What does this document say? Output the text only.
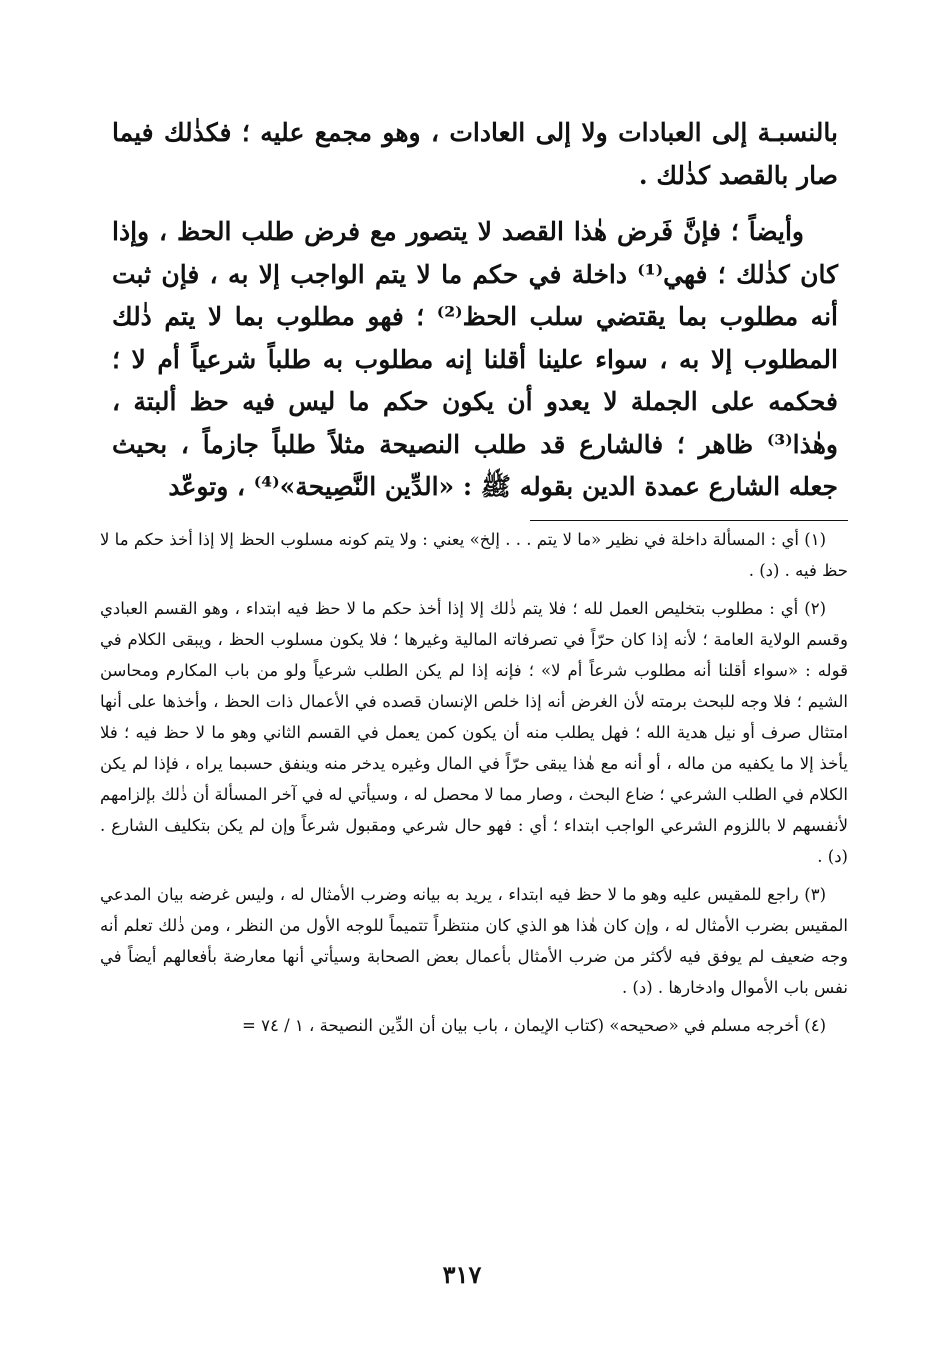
بالنسبـة إلى العبادات ولا إلى العادات ، وهو مجمع عليه ؛ فكذٰلك فيما صار بالقصد كذٰلك .

وأيضاً ؛ فإنَّ فَرض هٰذا القصد لا يتصور مع فرض طلب الحظ ، وإذا كان كذٰلك ؛ فهي⁽¹⁾ داخلة في حكم ما لا يتم الواجب إلا به ، فإن ثبت أنه مطلوب بما يقتضي سلب الحظ⁽²⁾ ؛ فهو مطلوب بما لا يتم ذٰلك المطلوب إلا به ، سواء علينا أقلنا إنه مطلوب به طلباً شرعياً أم لا ؛ فحكمه على الجملة لا يعدو أن يكون حكم ما ليس فيه حظ ألبتة ، وهٰذا⁽³⁾ ظاهر ؛ فالشارع قد طلب النصيحة مثلاً طلباً جازماً ، بحيث جعله الشارع عمدة الدين بقوله ﷺ : «الدِّين النَّصِيحة»⁽⁴⁾ ، وتوعّد

(١) أي : المسألة داخلة في نظير «ما لا يتم . . . إلخ» يعني : ولا يتم كونه مسلوب الحظ إلا إذا أخذ حكم ما لا حظ فيه . (د) .

(٢) أي : مطلوب بتخليص العمل لله ؛ فلا يتم ذٰلك إلا إذا أخذ حكم ما لا حظ فيه ابتداء ، وهو القسم العبادي وقسم الولاية العامة ؛ لأنه إذا كان حرّاً في تصرفاته المالية وغيرها ؛ فلا يكون مسلوب الحظ ، ويبقى الكلام في قوله : «سواء أقلنا أنه مطلوب شرعاً أم لا» ؛ فإنه إذا لم يكن الطلب شرعياً ولو من باب المكارم ومحاسن الشيم ؛ فلا وجه للبحث برمته لأن الغرض أنه إذا خلص الإنسان قصده في الأعمال ذات الحظ ، وأخذها على أنها امتثال صرف أو نيل هدية الله ؛ فهل يطلب منه أن يكون كمن يعمل في القسم الثاني وهو ما لا حظ فيه ؛ فلا يأخذ إلا ما يكفيه من ماله ، أو أنه مع هٰذا يبقى حرّاً في المال وغيره يدخر منه وينفق حسبما يراه ، فإذا لم يكن الكلام في الطلب الشرعي ؛ ضاع البحث ، وصار مما لا محصل له ، وسيأتي له في آخر المسألة أن ذٰلك بإلزامهم لأنفسهم لا باللزوم الشرعي الواجب ابتداء ؛ أي : فهو حال شرعي ومقبول شرعاً وإن لم يكن بتكليف الشارع . (د) .

(٣) راجع للمقيس عليه وهو ما لا حظ فيه ابتداء ، يريد به بيانه وضرب الأمثال له ، وليس غرضه بيان المدعي المقيس بضرب الأمثال له ، وإن كان هٰذا هو الذي كان منتظراً تتميماً للوجه الأول من النظر ، ومن ذٰلك تعلم أنه وجه ضعيف لم يوفق فيه لأكثر من ضرب الأمثال بأعمال بعض الصحابة وسيأتي أنها معارضة بأفعالهم أيضاً في نفس باب الأموال وادخارها . (د) .

(٤) أخرجه مسلم في «صحيحه» (كتاب الإيمان ، باب بيان أن الدِّين النصيحة ، ١ / ٧٤ =

٣١٧
